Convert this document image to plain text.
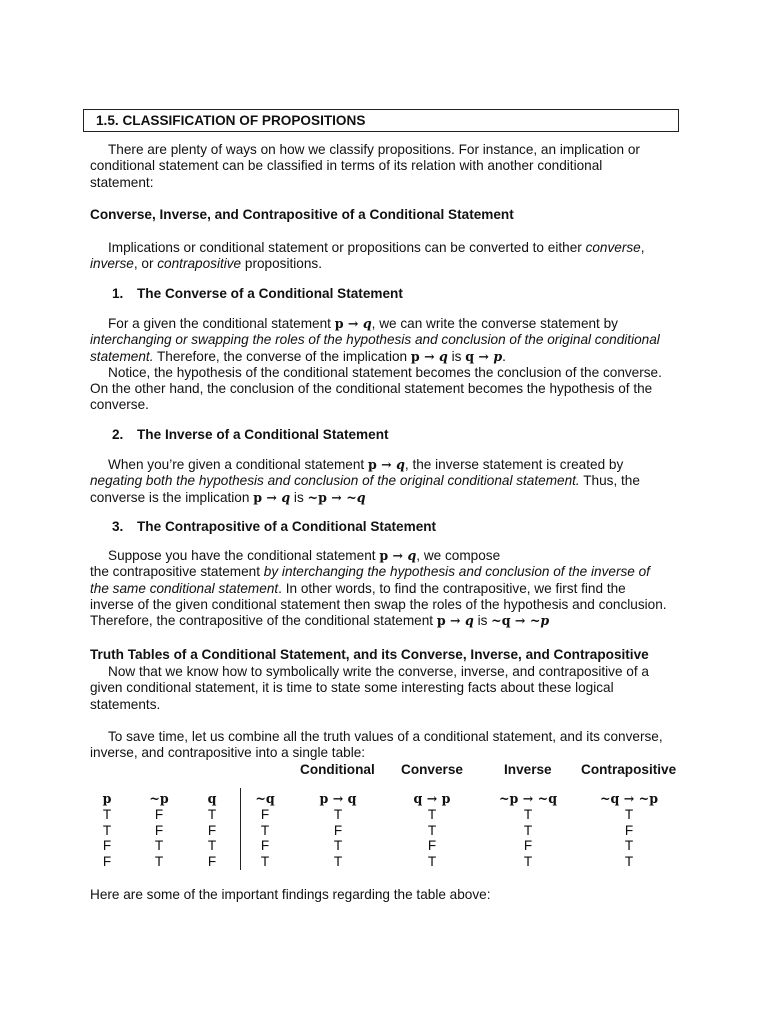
1.5. CLASSIFICATION OF PROPOSITIONS
There are plenty of ways on how we classify propositions. For instance, an implication or
conditional statement can be classified in terms of its relation with another conditional
statement:
Converse, Inverse, and Contrapositive of a Conditional Statement
Implications or conditional statement or propositions can be converted to either converse,
inverse, or contrapositive propositions.
1. The Converse of a Conditional Statement
For a given the conditional statement p → q, we can write the converse statement by
interchanging or swapping the roles of the hypothesis and conclusion of the original conditional
statement. Therefore, the converse of the implication p → q is q → p.
Notice, the hypothesis of the conditional statement becomes the conclusion of the converse.
On the other hand, the conclusion of the conditional statement becomes the hypothesis of the
converse.
2. The Inverse of a Conditional Statement
When you’re given a conditional statement p → q, the inverse statement is created by
negating both the hypothesis and conclusion of the original conditional statement. Thus, the
converse is the implication p → q is ~p → ~q
3. The Contrapositive of a Conditional Statement
Suppose you have the conditional statement p → q, we compose
the contrapositive statement by interchanging the hypothesis and conclusion of the inverse of
the same conditional statement. In other words, to find the contrapositive, we first find the
inverse of the given conditional statement then swap the roles of the hypothesis and conclusion.
Therefore, the contrapositive of the conditional statement p → q is ~q → ~p
Truth Tables of a Conditional Statement, and its Converse, Inverse, and Contrapositive
Now that we know how to symbolically write the converse, inverse, and contrapositive of a
given conditional statement, it is time to state some interesting facts about these logical
statements.
To save time, let us combine all the truth values of a conditional statement, and its converse,
inverse, and contrapositive into a single table:
Conditional Converse	Inverse Contrapositive
p
T
T
F
F
~p
F
F
T
T
q
T
F
T
F
~q
F
T
F
T
p → q
T
F
T
T
q → p
T
T
F
T
~p → ~q
T
T
F
T
~q → ~p
T
F
T
T
Here are some of the important findings regarding the table above:
